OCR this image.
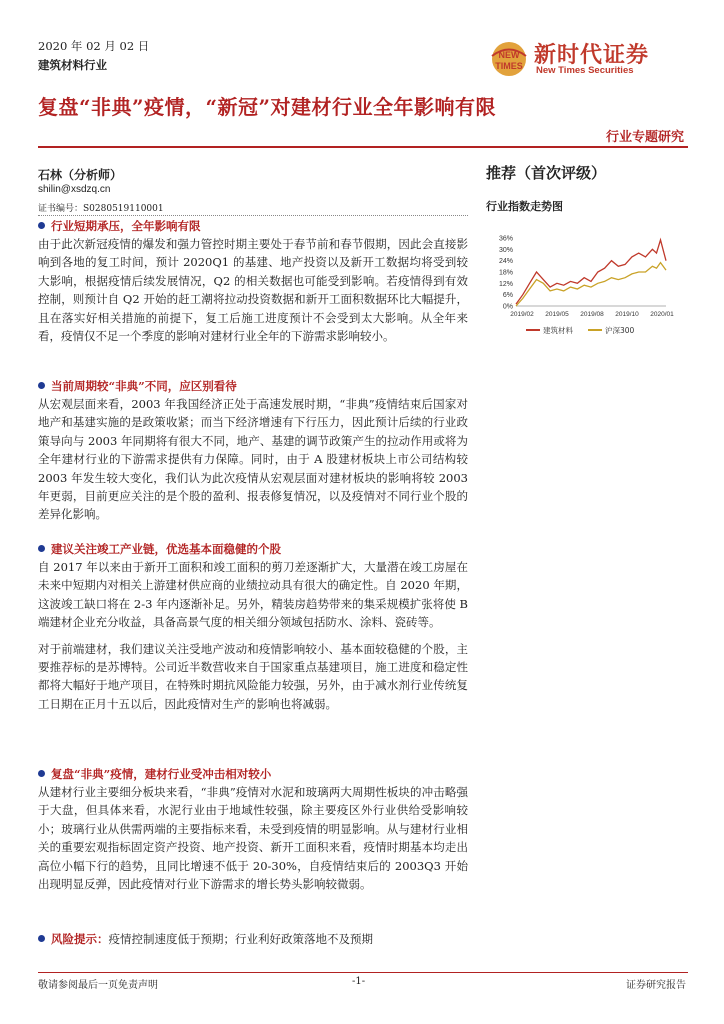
2020 年 02 月 02 日
建筑材料行业
NEW
TIMES 新时代证券
New Times Securities
复盘“非典”疫情，“新冠”对建材行业全年影响有限
行业专题研究
石林（分析师）
shilin@xsdzq.cn
证书编号：S0280519110001
行业短期承压，全年影响有限

由于此次新冠疫情的爆发和强力管控时期主要处于春节前和春节假期，因此会直接影响到各地的复工时间，预计 2020Q1 的基建、地产投资以及新开工数据均将受到较大影响，根据疫情后续发展情况，Q2 的相关数据也可能受到影响。若疫情得到有效控制，则预计自 Q2 开始的赶工潮将拉动投资数据和新开工面积数据环比大幅提升，且在落实好相关措施的前提下，复工后施工进度预计不会受到太大影响。从全年来看，疫情仅不足一个季度的影响对建材行业全年的下游需求影响较小。

当前周期较“非典”不同，应区别看待

从宏观层面来看，2003 年我国经济正处于高速发展时期，“非典”疫情结束后国家对地产和基建实施的是政策收紧；而当下经济增速有下行压力，因此预计后续的行业政策导向与 2003 年同期将有很大不同，地产、基建的调节政策产生的拉动作用或将为全年建材行业的下游需求提供有力保障。同时，由于 A 股建材板块上市公司结构较 2003 年发生较大变化，我们认为此次疫情从宏观层面对建材板块的影响将较 2003 年更弱，目前更应关注的是个股的盈利、报表修复情况，以及疫情对不同行业个股的差异化影响。

建议关注竣工产业链，优选基本面稳健的个股

自 2017 年以来由于新开工面积和竣工面积的剪刀差逐渐扩大，大量潜在竣工房屋在未来中短期内对相关上游建材供应商的业绩拉动具有很大的确定性。自 2020 年期，这波竣工缺口将在 2-3 年内逐渐补足。另外，精装房趋势带来的集采规模扩张将使 B 端建材企业充分收益，具备高景气度的相关细分领域包括防水、涂料、瓷砖等。

对于前端建材，我们建议关注受地产波动和疫情影响较小、基本面较稳健的个股，主要推荐标的是苏博特。公司近半数营收来自于国家重点基建项目，施工进度和稳定性都将大幅好于地产项目，在特殊时期抗风险能力较强，另外，由于减水剂行业传统复工日期在正月十五以后，因此疫情对生产的影响也将减弱。

复盘“非典”疫情，建材行业受冲击相对较小

从建材行业主要细分板块来看，“非典”疫情对水泥和玻璃两大周期性板块的冲击略强于大盘，但具体来看，水泥行业由于地域性较强，除主要疫区外行业供给受影响较小；玻璃行业从供需两端的主要指标来看，未受到疫情的明显影响。从与建材行业相关的重要宏观指标固定资产投资、地产投资、新开工面积来看，疫情时期基本均走出高位小幅下行的趋势，且同比增速不低于 20-30%，自疫情结束后的 2003Q3 开始出现明显反弹，因此疫情对行业下游需求的增长势头影响较微弱。

风险提示：疫情控制速度低于预期；行业利好政策落地不及预期
推荐（首次评级）
行业指数走势图
36%
30%
24%
18%
12%
6%
0%
2019/02 2019/05 2019/08 2019/10 2020/01
建筑材料	沪深300
敬请参阅最后一页免责声明	-1-	证券研究报告
